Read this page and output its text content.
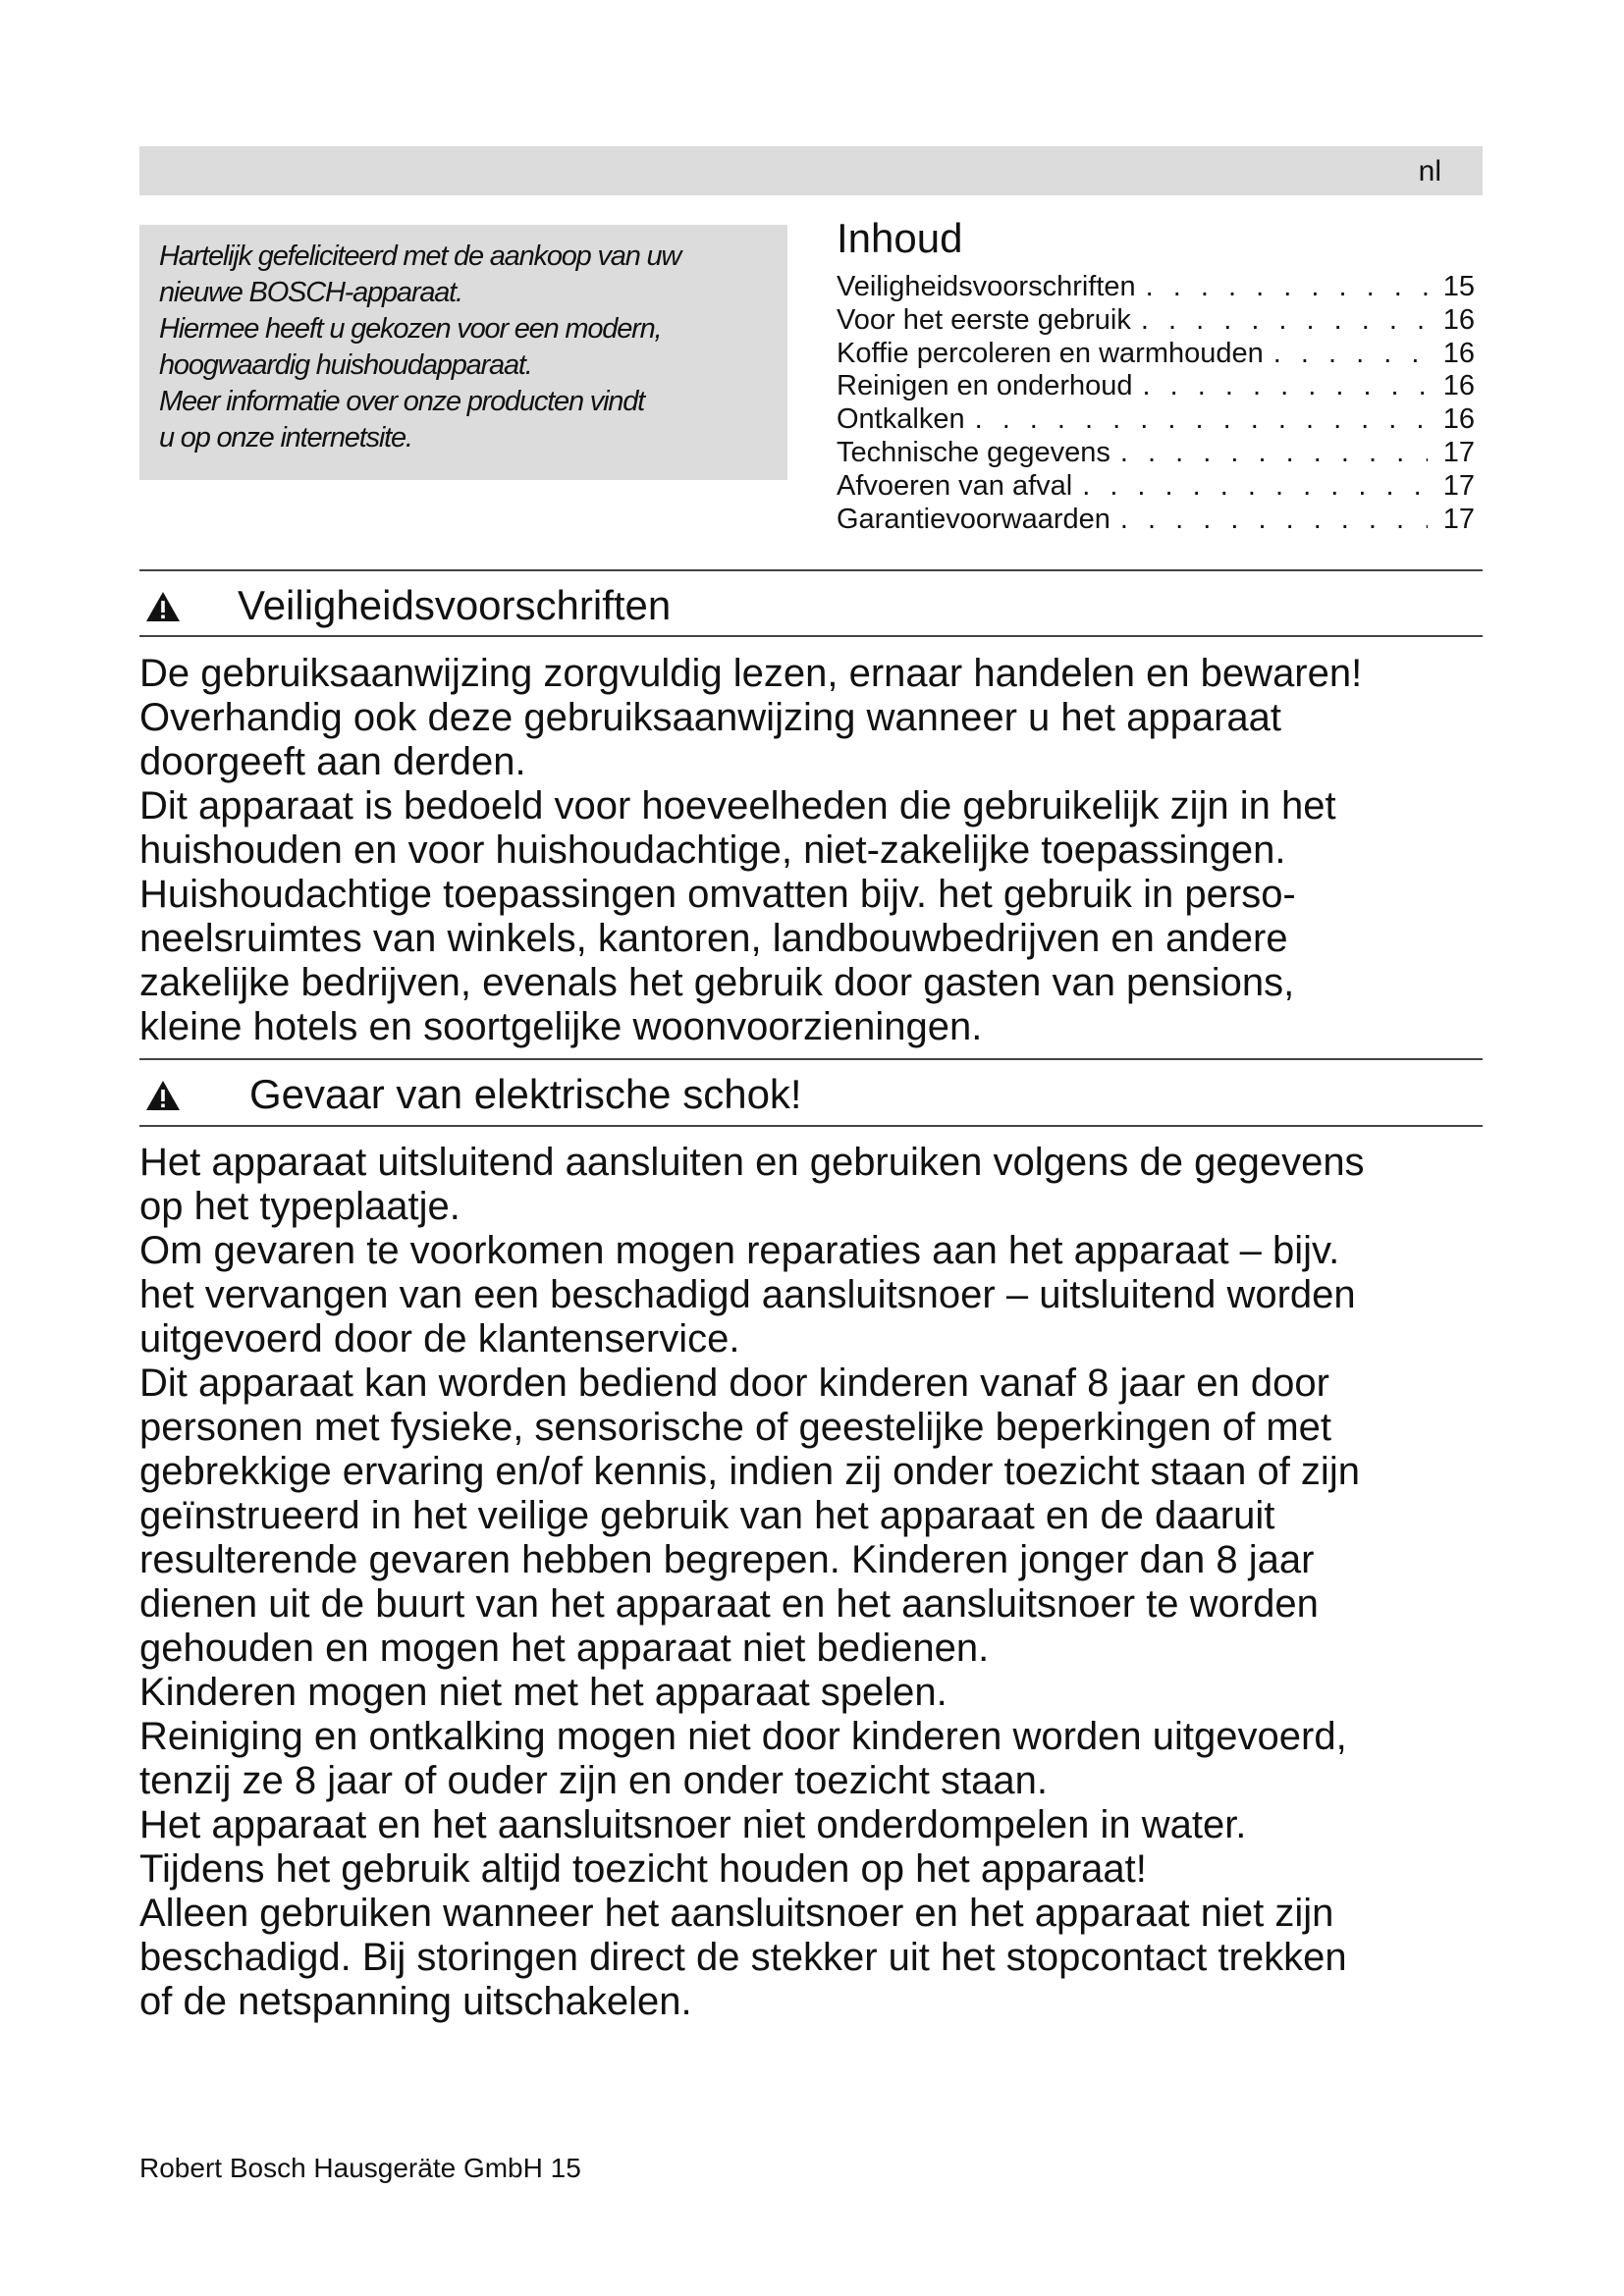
nl
Hartelijk gefeliciteerd met de aankoop van uw
nieuwe BOSCH-apparaat.
Hiermee heeft u gekozen voor een modern,
hoogwaardig huishoudapparaat.
Meer informatie over onze producten vindt
u op onze internetsite.
Inhoud
Veiligheidsvoorschriften . . .	15
Voor het eerste gebruik . . .	16
Koffie percoleren en warmhouden . . .	16
Reinigen en onderhoud . . .	16
Ontkalken . . .	16
Technische gegevens . . .	17
Afvoeren van afval . . .	17
Garantievoorwaarden . . .	17
Veiligheidsvoorschriften
De gebruiksaanwijzing zorgvuldig lezen, ernaar handelen en bewaren!
Overhandig ook deze gebruiksaanwijzing wanneer u het apparaat
doorgeeft aan derden.
Dit apparaat is bedoeld voor hoeveelheden die gebruikelijk zijn in het
huishouden en voor huishoudachtige, niet-zakelijke toepassingen.
Huishoudachtige toepassingen omvatten bijv. het gebruik in perso-
neelsruimtes van winkels, kantoren, landbouwbedrijven en andere
zakelijke bedrijven, evenals het gebruik door gasten van pensions,
kleine hotels en soortgelijke woonvoorzieningen.
Gevaar van elektrische schok!
Het apparaat uitsluitend aansluiten en gebruiken volgens de gegevens
op het typeplaatje.
Om gevaren te voorkomen mogen reparaties aan het apparaat – bijv.
het vervangen van een beschadigd aansluitsnoer – uitsluitend worden
uitgevoerd door de klantenservice.
Dit apparaat kan worden bediend door kinderen vanaf 8 jaar en door
personen met fysieke, sensorische of geestelijke beperkingen of met
gebrekkige ervaring en/of kennis, indien zij onder toezicht staan of zijn
geïnstrueerd in het veilige gebruik van het apparaat en de daaruit
resulterende gevaren hebben begrepen. Kinderen jonger dan 8 jaar
dienen uit de buurt van het apparaat en het aansluitsnoer te worden
gehouden en mogen het apparaat niet bedienen.
Kinderen mogen niet met het apparaat spelen.
Reiniging en ontkalking mogen niet door kinderen worden uitgevoerd,
tenzij ze 8 jaar of ouder zijn en onder toezicht staan.
Het apparaat en het aansluitsnoer niet onderdompelen in water.
Tijdens het gebruik altijd toezicht houden op het apparaat!
Alleen gebruiken wanneer het aansluitsnoer en het apparaat niet zijn
beschadigd. Bij storingen direct de stekker uit het stopcontact trekken
of de netspanning uitschakelen.
Robert Bosch Hausgeräte GmbH 15
